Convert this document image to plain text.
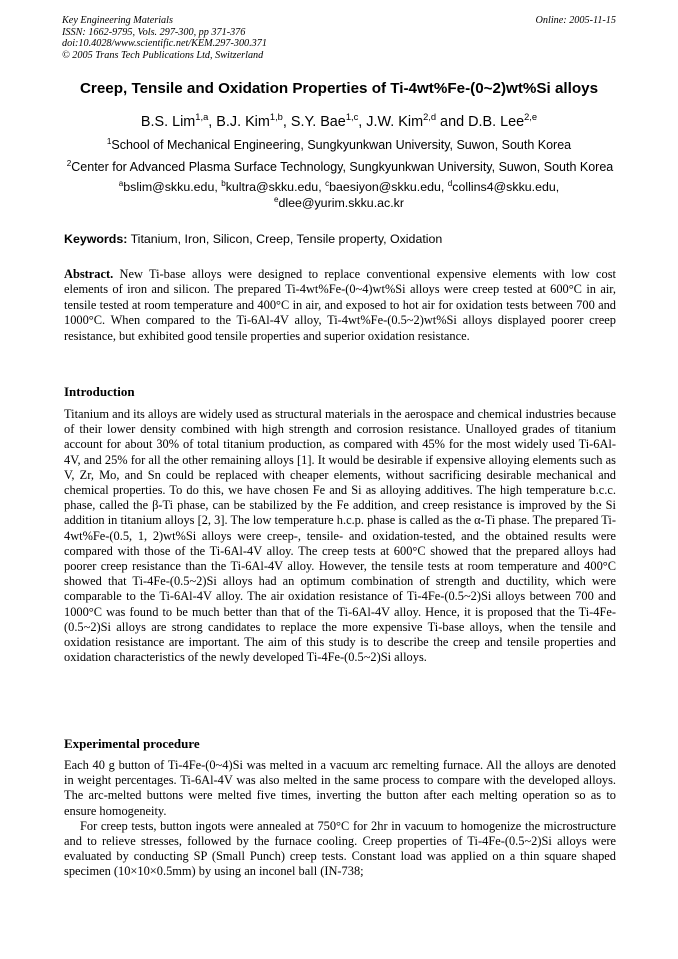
Key Engineering Materials
ISSN: 1662-9795, Vols. 297-300, pp 371-376
doi:10.4028/www.scientific.net/KEM.297-300.371
© 2005 Trans Tech Publications Ltd, Switzerland
Online: 2005-11-15
Creep, Tensile and Oxidation Properties of Ti-4wt%Fe-(0~2)wt%Si alloys
B.S. Lim$^{1,a}$, B.J. Kim$^{1,b}$, S.Y. Bae$^{1,c}$, J.W. Kim$^{2,d}$ and D.B. Lee$^{2,e}$
$^1$School of Mechanical Engineering, Sungkyunkwan University, Suwon, South Korea
$^2$Center for Advanced Plasma Surface Technology, Sungkyunkwan University, Suwon, South Korea
$^a$bslim@skku.edu, $^b$kultra@skku.edu, $^c$baesiyon@skku.edu, $^d$collins4@skku.edu,
$^e$dlee@yurim.skku.ac.kr
Keywords: Titanium, Iron, Silicon, Creep, Tensile property, Oxidation
Abstract. New Ti-base alloys were designed to replace conventional expensive elements with low cost elements of iron and silicon. The prepared Ti-4wt%Fe-(0~4)wt%Si alloys were creep tested at 600°C in air, tensile tested at room temperature and 400°C in air, and exposed to hot air for oxidation tests between 700 and 1000°C. When compared to the Ti-6Al-4V alloy, Ti-4wt%Fe-(0.5~2)wt%Si alloys displayed poorer creep resistance, but exhibited good tensile properties and superior oxidation resistance.
Introduction

Titanium and its alloys are widely used as structural materials in the aerospace and chemical industries because of their lower density combined with high strength and corrosion resistance. Unalloyed grades of titanium account for about 30% of total titanium production, as compared with 45% for the most widely used Ti-6Al-4V, and 25% for all the other remaining alloys [1]. It would be desirable if expensive alloying elements such as V, Zr, Mo, and Sn could be replaced with cheaper elements, without sacrificing desirable mechanical and chemical properties. To do this, we have chosen Fe and Si as alloying additives. The high temperature b.c.c. phase, called the β-Ti phase, can be stabilized by the Fe addition, and creep resistance is improved by the Si addition in titanium alloys [2, 3]. The low temperature h.c.p. phase is called as the α-Ti phase. The prepared Ti-4wt%Fe-(0.5, 1, 2)wt%Si alloys were creep-, tensile- and oxidation-tested, and the obtained results were compared with those of the Ti-6Al-4V alloy. The creep tests at 600°C showed that the prepared alloys had poorer creep resistance than the Ti-6Al-4V alloy. However, the tensile tests at room temperature and 400°C showed that Ti-4Fe-(0.5~2)Si alloys had an optimum combination of strength and ductility, which were comparable to the Ti-6Al-4V alloy. The air oxidation resistance of Ti-4Fe-(0.5~2)Si alloys between 700 and 1000°C was found to be much better than that of the Ti-6Al-4V alloy. Hence, it is proposed that the Ti-4Fe-(0.5~2)Si alloys are strong candidates to replace the more expensive Ti-base alloys, when the tensile and oxidation resistance are important. The aim of this study is to describe the creep and tensile properties and oxidation characteristics of the newly developed Ti-4Fe-(0.5~2)Si alloys.

Experimental procedure

Each 40 g button of Ti-4Fe-(0~4)Si was melted in a vacuum arc remelting furnace. All the alloys are denoted in weight percentages. Ti-6Al-4V was also melted in the same process to compare with the developed alloys. The arc-melted buttons were melted five times, inverting the button after each melting operation so as to ensure homogeneity.

For creep tests, button ingots were annealed at 750°C for 2hr in vacuum to homogenize the microstructure and to relieve stresses, followed by the furnace cooling. Creep properties of Ti-4Fe-(0.5~2)Si alloys were evaluated by conducting SP (Small Punch) creep tests. Constant load was applied on a thin square shaped specimen (10×10×0.5mm) by using an inconel ball (IN-738;
